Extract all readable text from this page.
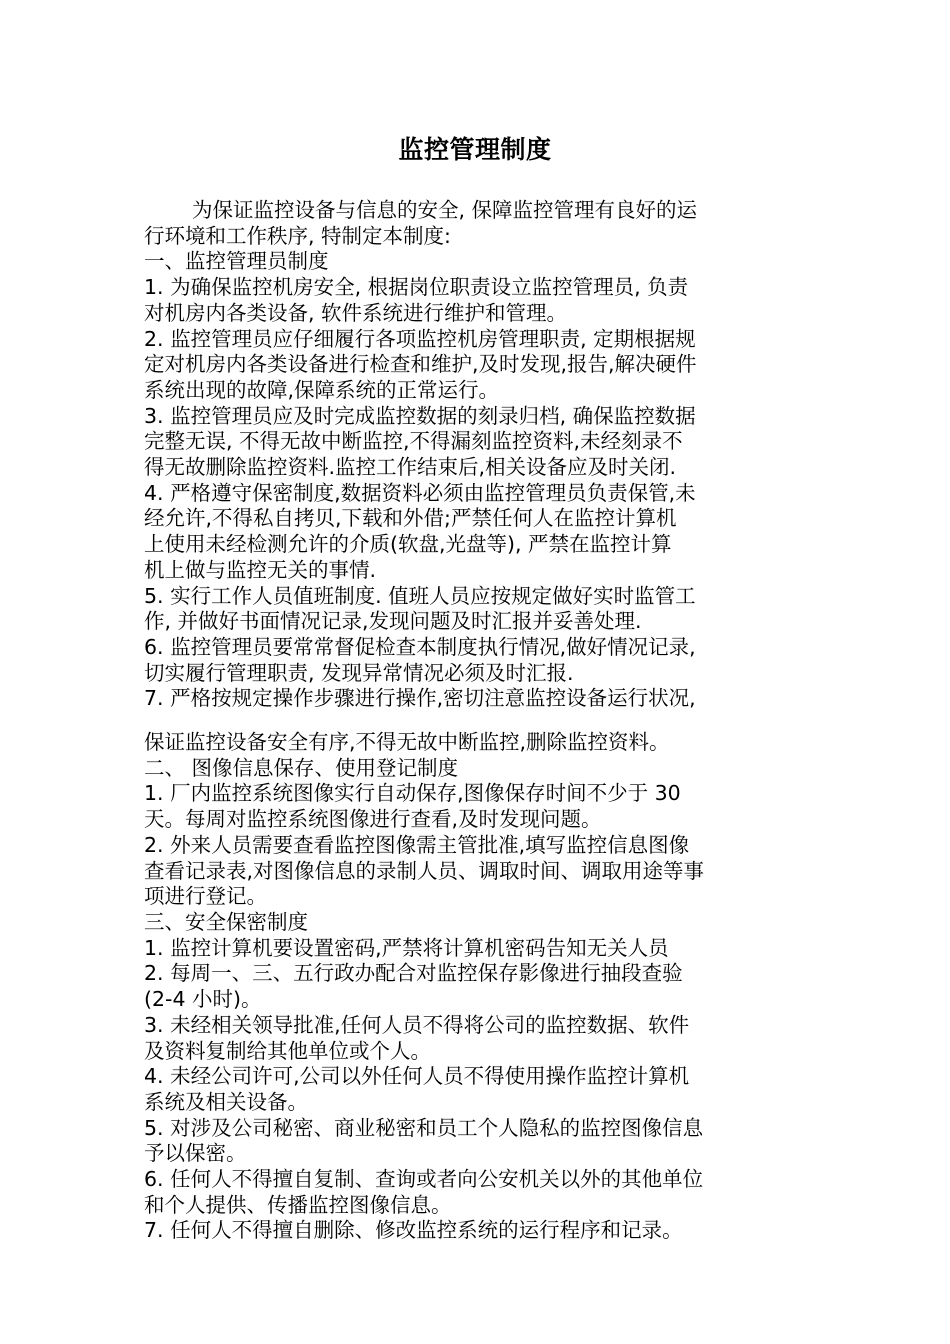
监控管理制度

为保证监控设备与信息的安全, 保障监控管理有良好的运

行环境和工作秩序, 特制定本制度:

一、监控管理员制度

1. 为确保监控机房安全, 根据岗位职责设立监控管理员, 负责

对机房内各类设备, 软件系统进行维护和管理。

2. 监控管理员应仔细履行各项监控机房管理职责, 定期根据规

定对机房内各类设备进行检查和维护,及时发现,报告,解决硬件

系统出现的故障,保障系统的正常运行。

3. 监控管理员应及时完成监控数据的刻录归档, 确保监控数据

完整无误, 不得无故中断监控,不得漏刻监控资料,未经刻录不

得无故删除监控资料.监控工作结束后,相关设备应及时关闭.

4. 严格遵守保密制度,数据资料必须由监控管理员负责保管,未

经允许,不得私自拷贝,下载和外借;严禁任何人在监控计算机

上使用未经检测允许的介质(软盘,光盘等), 严禁在监控计算

机上做与监控无关的事情.

5. 实行工作人员值班制度. 值班人员应按规定做好实时监管工

作, 并做好书面情况记录,发现问题及时汇报并妥善处理.

6. 监控管理员要常常督促检查本制度执行情况,做好情况记录,

切实履行管理职责, 发现异常情况必须及时汇报.

7. 严格按规定操作步骤进行操作,密切注意监控设备运行状况,

保证监控设备安全有序,不得无故中断监控,删除监控资料。

二、 图像信息保存、使用登记制度

1. 厂内监控系统图像实行自动保存,图像保存时间不少于 30

天。每周对监控系统图像进行查看,及时发现问题。

2. 外来人员需要查看监控图像需主管批准,填写监控信息图像

查看记录表,对图像信息的录制人员、调取时间、调取用途等事

项进行登记。

三、安全保密制度

1. 监控计算机要设置密码,严禁将计算机密码告知无关人员

2. 每周一、三、五行政办配合对监控保存影像进行抽段查验

(2-4 小时)。

3. 未经相关领导批准,任何人员不得将公司的监控数据、软件

及资料复制给其他单位或个人。

4. 未经公司许可,公司以外任何人员不得使用操作监控计算机

系统及相关设备。

5. 对涉及公司秘密、商业秘密和员工个人隐私的监控图像信息

予以保密。

6. 任何人不得擅自复制、查询或者向公安机关以外的其他单位

和个人提供、传播监控图像信息。

7. 任何人不得擅自删除、修改监控系统的运行程序和记录。
